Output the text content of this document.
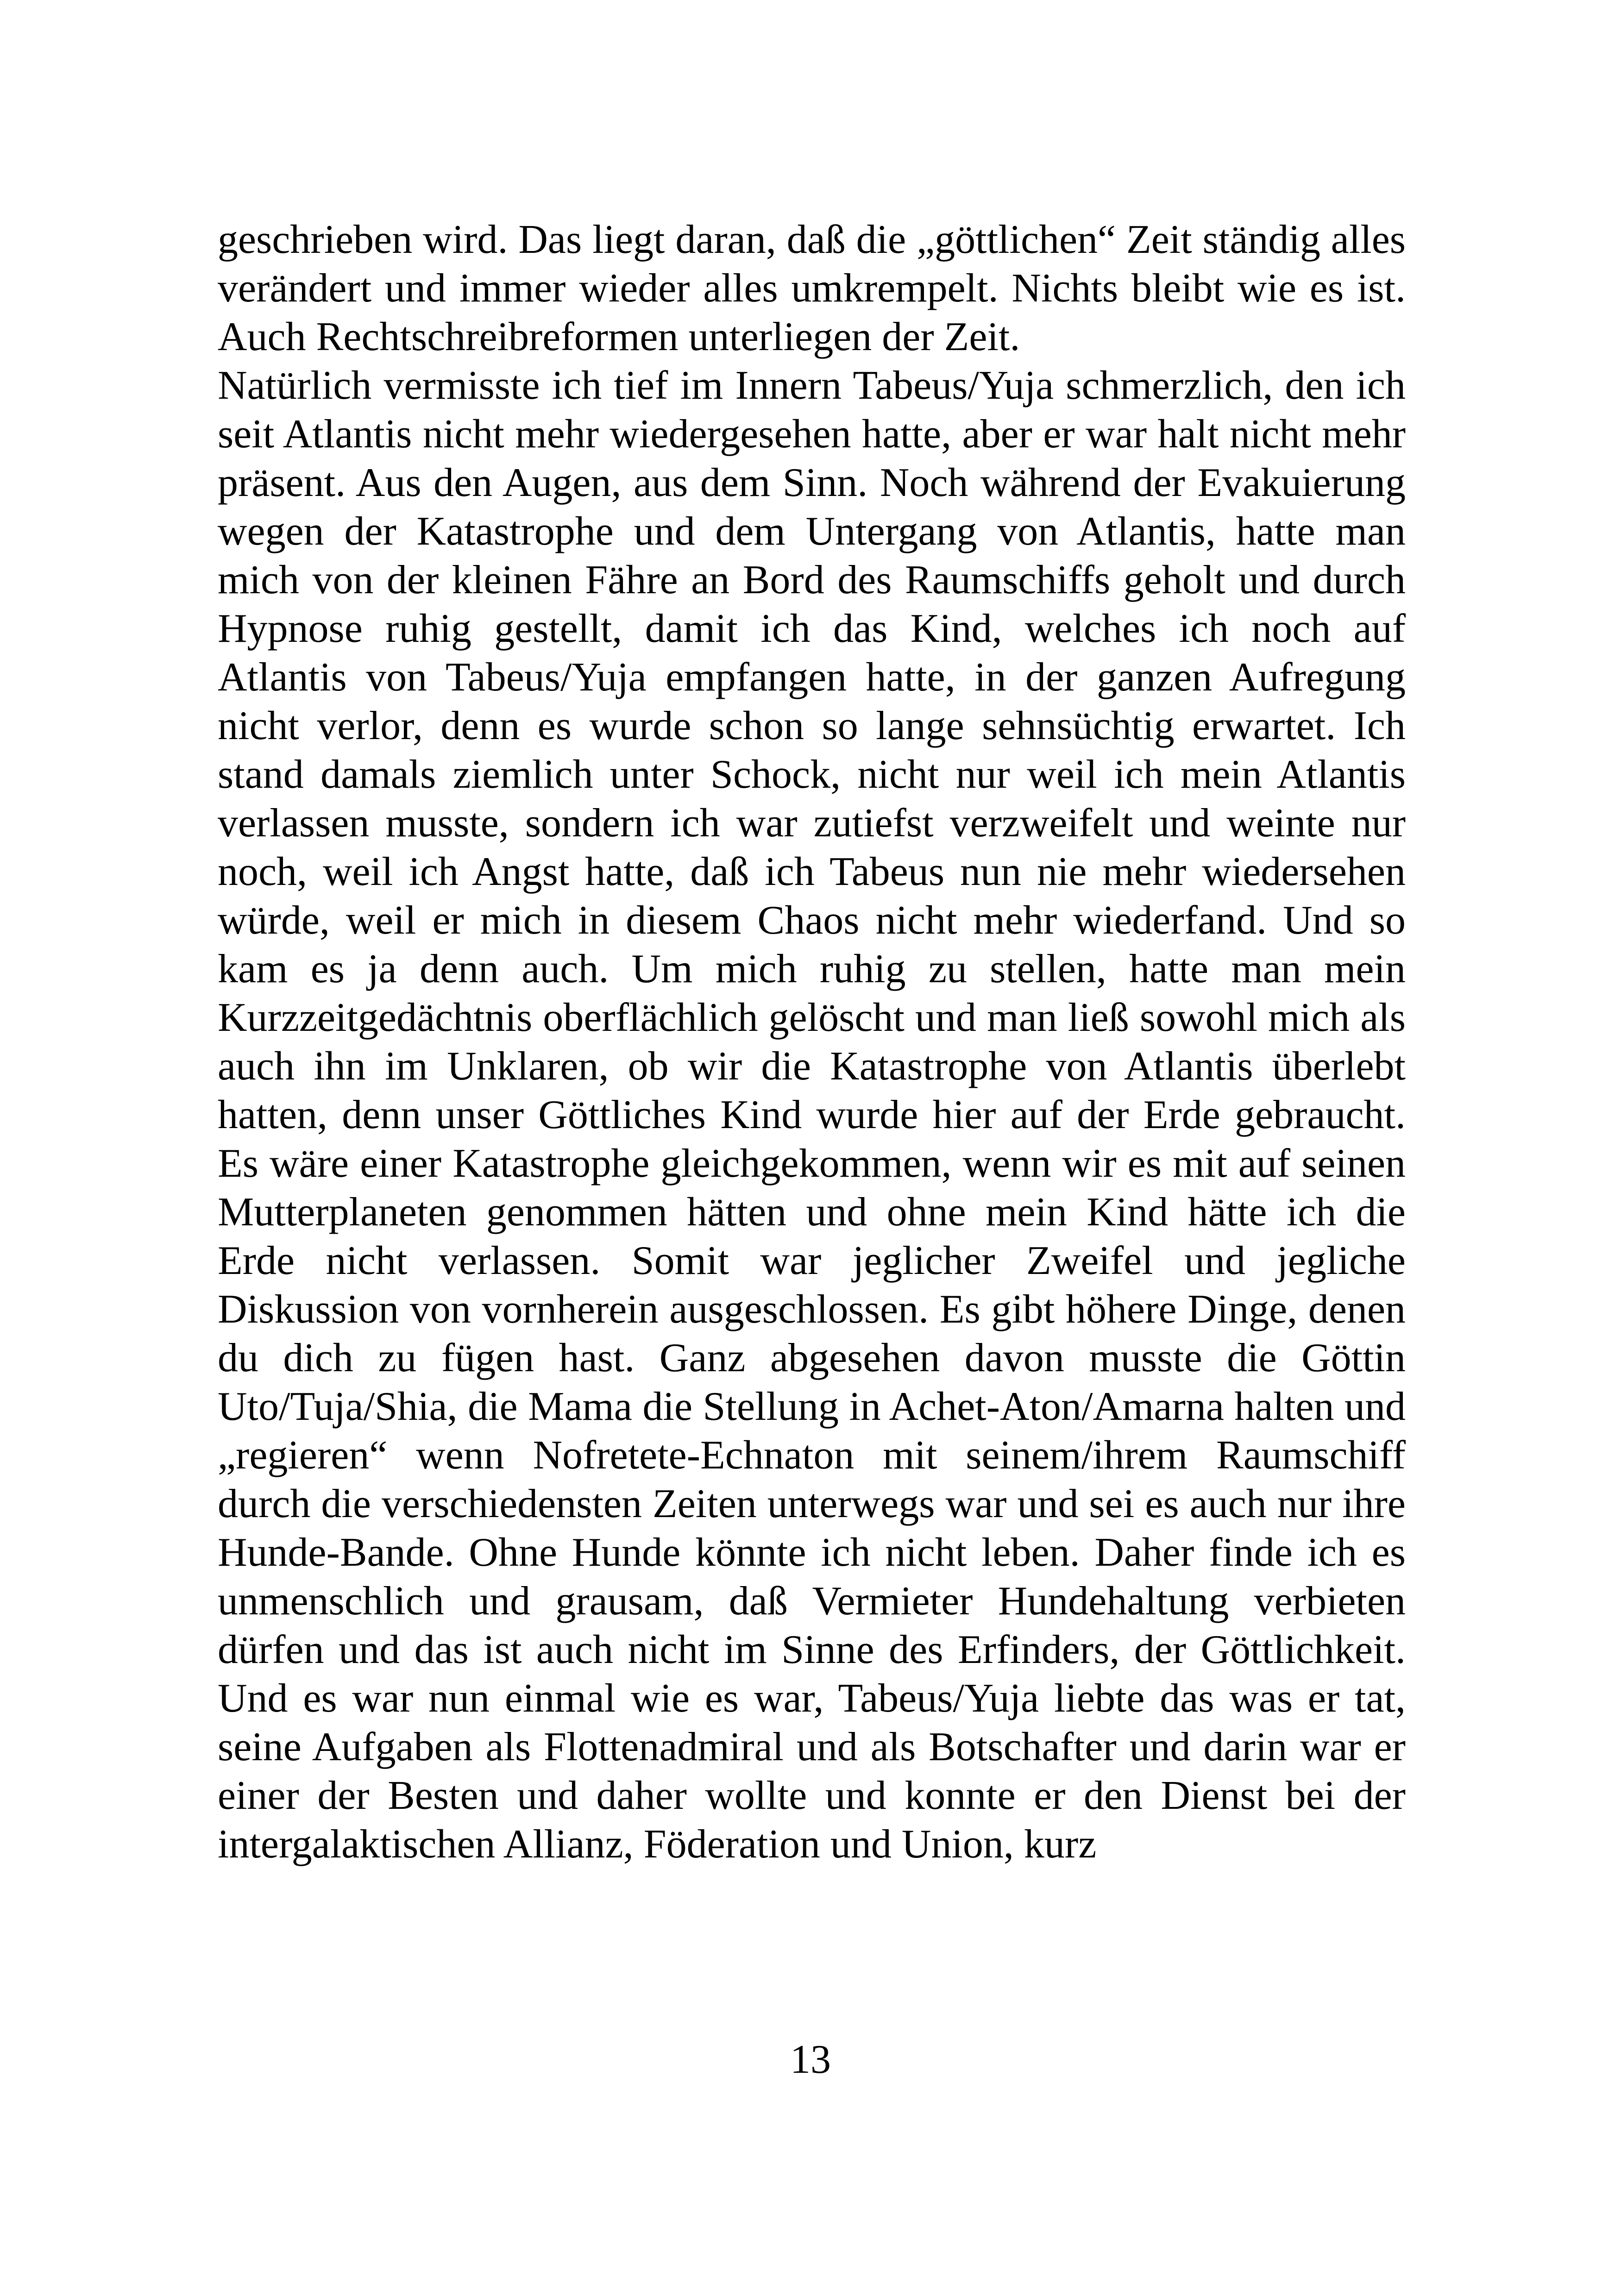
geschrieben wird. Das liegt daran, daß die „göttlichen“ Zeit ständig alles verändert und immer wieder alles umkrempelt. Nichts bleibt wie es ist. Auch Rechtschreibreformen unterliegen der Zeit.

Natürlich vermisste ich tief im Innern Tabeus/Yuja schmerzlich, den ich seit Atlantis nicht mehr wiedergesehen hatte, aber er war halt nicht mehr präsent. Aus den Augen, aus dem Sinn. Noch während der Evakuierung wegen der Katastrophe und dem Untergang von Atlantis, hatte man mich von der kleinen Fähre an Bord des Raumschiffs geholt und durch Hypnose ruhig gestellt, damit ich das Kind, welches ich noch auf Atlantis von Tabeus/Yuja empfangen hatte, in der ganzen Aufregung nicht verlor, denn es wurde schon so lange sehnsüchtig erwartet. Ich stand damals ziemlich unter Schock, nicht nur weil ich mein Atlantis verlassen musste, sondern ich war zutiefst verzweifelt und weinte nur noch, weil ich Angst hatte, daß ich Tabeus nun nie mehr wiedersehen würde, weil er mich in diesem Chaos nicht mehr wiederfand. Und so kam es ja denn auch. Um mich ruhig zu stellen, hatte man mein Kurzzeitgedächtnis oberflächlich gelöscht und man ließ sowohl mich als auch ihn im Unklaren, ob wir die Katastrophe von Atlantis überlebt hatten, denn unser Göttliches Kind wurde hier auf der Erde gebraucht. Es wäre einer Katastrophe gleichgekommen, wenn wir es mit auf seinen Mutterplaneten genommen hätten und ohne mein Kind hätte ich die Erde nicht verlassen. Somit war jeglicher Zweifel und jegliche Diskussion von vornherein ausgeschlossen. Es gibt höhere Dinge, denen du dich zu fügen hast. Ganz abgesehen davon musste die Göttin Uto/Tuja/Shia, die Mama die Stellung in Achet-Aton/Amarna halten und „regieren“ wenn Nofretete-Echnaton mit seinem/ihrem Raumschiff durch die verschiedensten Zeiten unterwegs war und sei es auch nur ihre Hunde-Bande. Ohne Hunde könnte ich nicht leben. Daher finde ich es unmenschlich und grausam, daß Vermieter Hundehaltung verbieten dürfen und das ist auch nicht im Sinne des Erfinders, der Göttlichkeit. Und es war nun einmal wie es war, Tabeus/Yuja liebte das was er tat, seine Aufgaben als Flottenadmiral und als Botschafter und darin war er einer der Besten und daher wollte und konnte er den Dienst bei der intergalaktischen Allianz, Föderation und Union, kurz

13
